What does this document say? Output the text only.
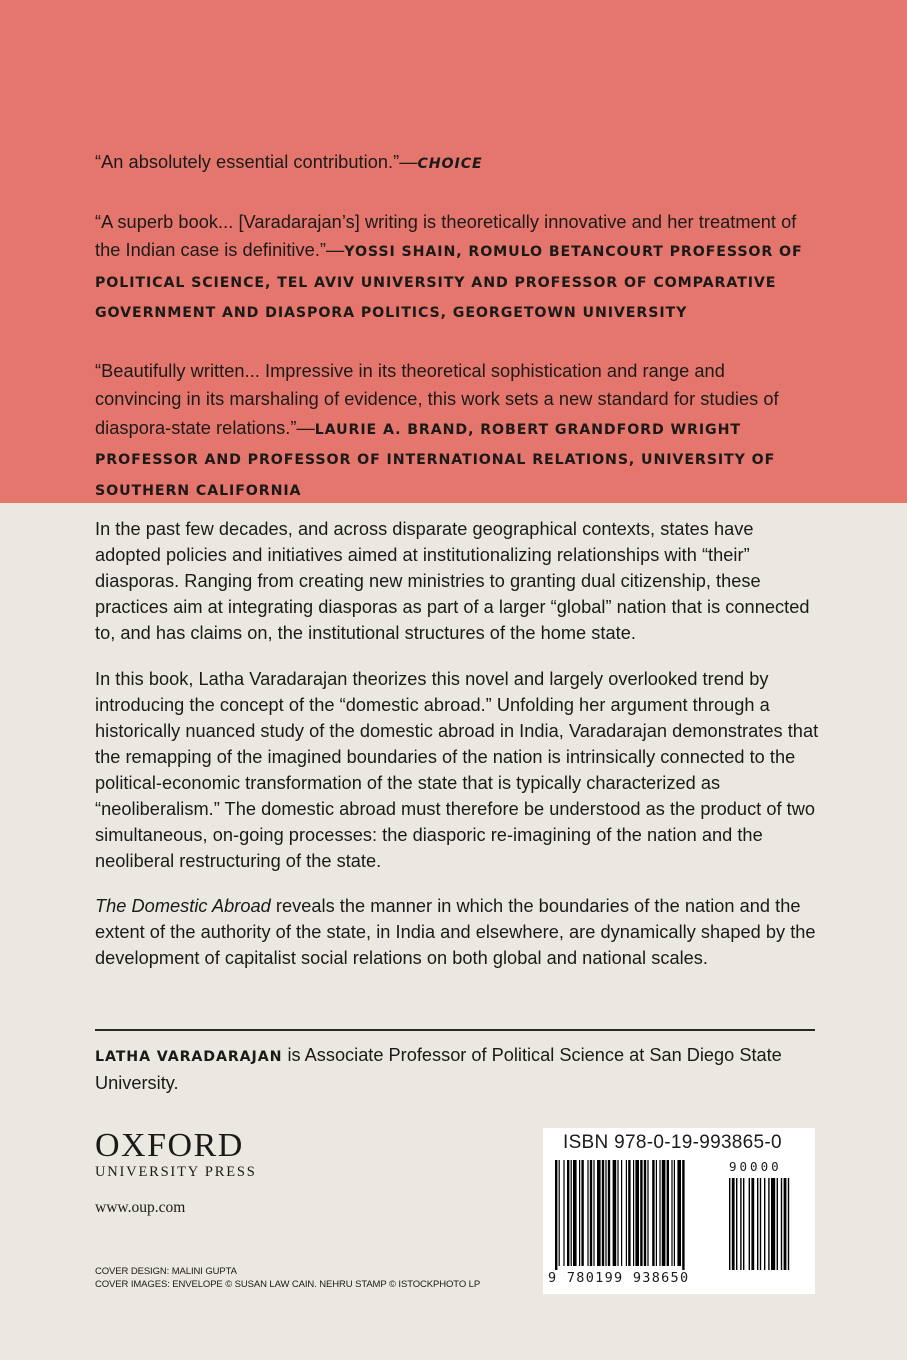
“An absolutely essential contribution.”—CHOICE

“A superb book... [Varadarajan’s] writing is theoretically innovative and her treatment of the Indian case is definitive.”—YOSSI SHAIN, ROMULO BETANCOURT PROFESSOR OF POLITICAL SCIENCE, TEL AVIV UNIVERSITY AND PROFESSOR OF COMPARATIVE GOVERNMENT AND DIASPORA POLITICS, GEORGETOWN UNIVERSITY

“Beautifully written... Impressive in its theoretical sophistication and range and convincing in its marshaling of evidence, this work sets a new standard for studies of diaspora-state relations.”—LAURIE A. BRAND, ROBERT GRANDFORD WRIGHT PROFESSOR AND PROFESSOR OF INTERNATIONAL RELATIONS, UNIVERSITY OF SOUTHERN CALIFORNIA

In the past few decades, and across disparate geographical contexts, states have adopted policies and initiatives aimed at institutionalizing relationships with “their” diasporas. Ranging from creating new ministries to granting dual citizenship, these practices aim at integrating diasporas as part of a larger “global” nation that is connected to, and has claims on, the institutional structures of the home state.

In this book, Latha Varadarajan theorizes this novel and largely overlooked trend by introducing the concept of the “domestic abroad.” Unfolding her argument through a historically nuanced study of the domestic abroad in India, Varadarajan demonstrates that the remapping of the imagined boundaries of the nation is intrinsically connected to the political-economic transformation of the state that is typically characterized as “neoliberalism.” The domestic abroad must therefore be understood as the product of two simultaneous, on-going processes: the diasporic re-imagining of the nation and the neoliberal restructuring of the state.

The Domestic Abroad reveals the manner in which the boundaries of the nation and the extent of the authority of the state, in India and elsewhere, are dynamically shaped by the development of capitalist social relations on both global and national scales.

LATHA VARADARAJAN is Associate Professor of Political Science at San Diego State University.
OXFORD
UNIVERSITY PRESS
www.oup.com
COVER DESIGN: MALINI GUPTA
COVER IMAGES: ENVELOPE © SUSAN LAW CAIN. NEHRU STAMP © ISTOCKPHOTO LP
ISBN 978-0-19-993865-0
90000
9 780199 938650
